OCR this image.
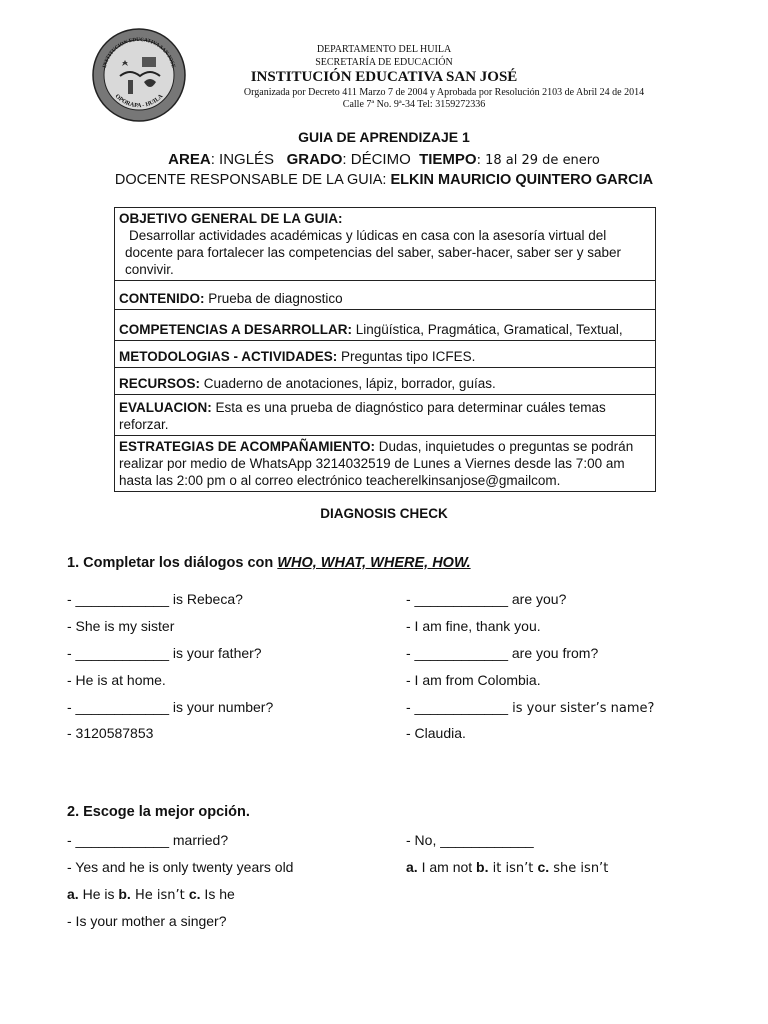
INSTITUCION EDUCATIVA SAN JOSE
OPORAPA - HUILA
DEPARTAMENTO DEL HUILA
SECRETARÍA DE EDUCACIÓN
INSTITUCIÓN EDUCATIVA SAN JOSÉ
Organizada por Decreto 411 Marzo 7 de 2004 y Aprobada por Resolución 2103 de Abril 24 de 2014
Calle 7ª No. 9ª-34 Tel: 3159272336
GUIA DE APRENDIZAJE 1
AREA: INGLÉS GRADO: DÉCIMO TIEMPO: 18 al 29 de enero
DOCENTE RESPONSABLE DE LA GUIA: ELKIN MAURICIO QUINTERO GARCIA
OBJETIVO GENERAL DE LA GUIA:

Desarrollar actividades académicas y lúdicas en casa con la asesoría virtual del docente para fortalecer las competencias del saber, saber-hacer, saber ser y saber convivir.

CONTENIDO: Prueba de diagnostico
COMPETENCIAS A DESARROLLAR: Lingüística, Pragmática, Gramatical, Textual,
METODOLOGIAS - ACTIVIDADES: Preguntas tipo ICFES.
RECURSOS: Cuaderno de anotaciones, lápiz, borrador, guías.
EVALUACION: Esta es una prueba de diagnóstico para determinar cuáles temas reforzar.
ESTRATEGIAS DE ACOMPAÑAMIENTO: Dudas, inquietudes o preguntas se podrán realizar por medio de WhatsApp 3214032519 de Lunes a Viernes desde las 7:00 am hasta las 2:00 pm o al correo electrónico teacherelkinsanjose@gmailcom.
DIAGNOSIS CHECK
1. Completar los diálogos con WHO, WHAT, WHERE, HOW.
- ____________ is Rebeca?
- She is my sister
- ____________ is your father?
- He is at home.
- ____________ is your number?
- 3120587853
- ____________ are you?
- I am fine, thank you.
- ____________ are you from?
- I am from Colombia.
- ____________ is your sister’s name?
- Claudia.
2. Escoge la mejor opción.
- ____________ married?
- Yes and he is only twenty years old
a. He is b. He isn’t c. Is he
- Is your mother a singer?
- No, ____________
a. I am not b. it isn’t c. she isn’t
